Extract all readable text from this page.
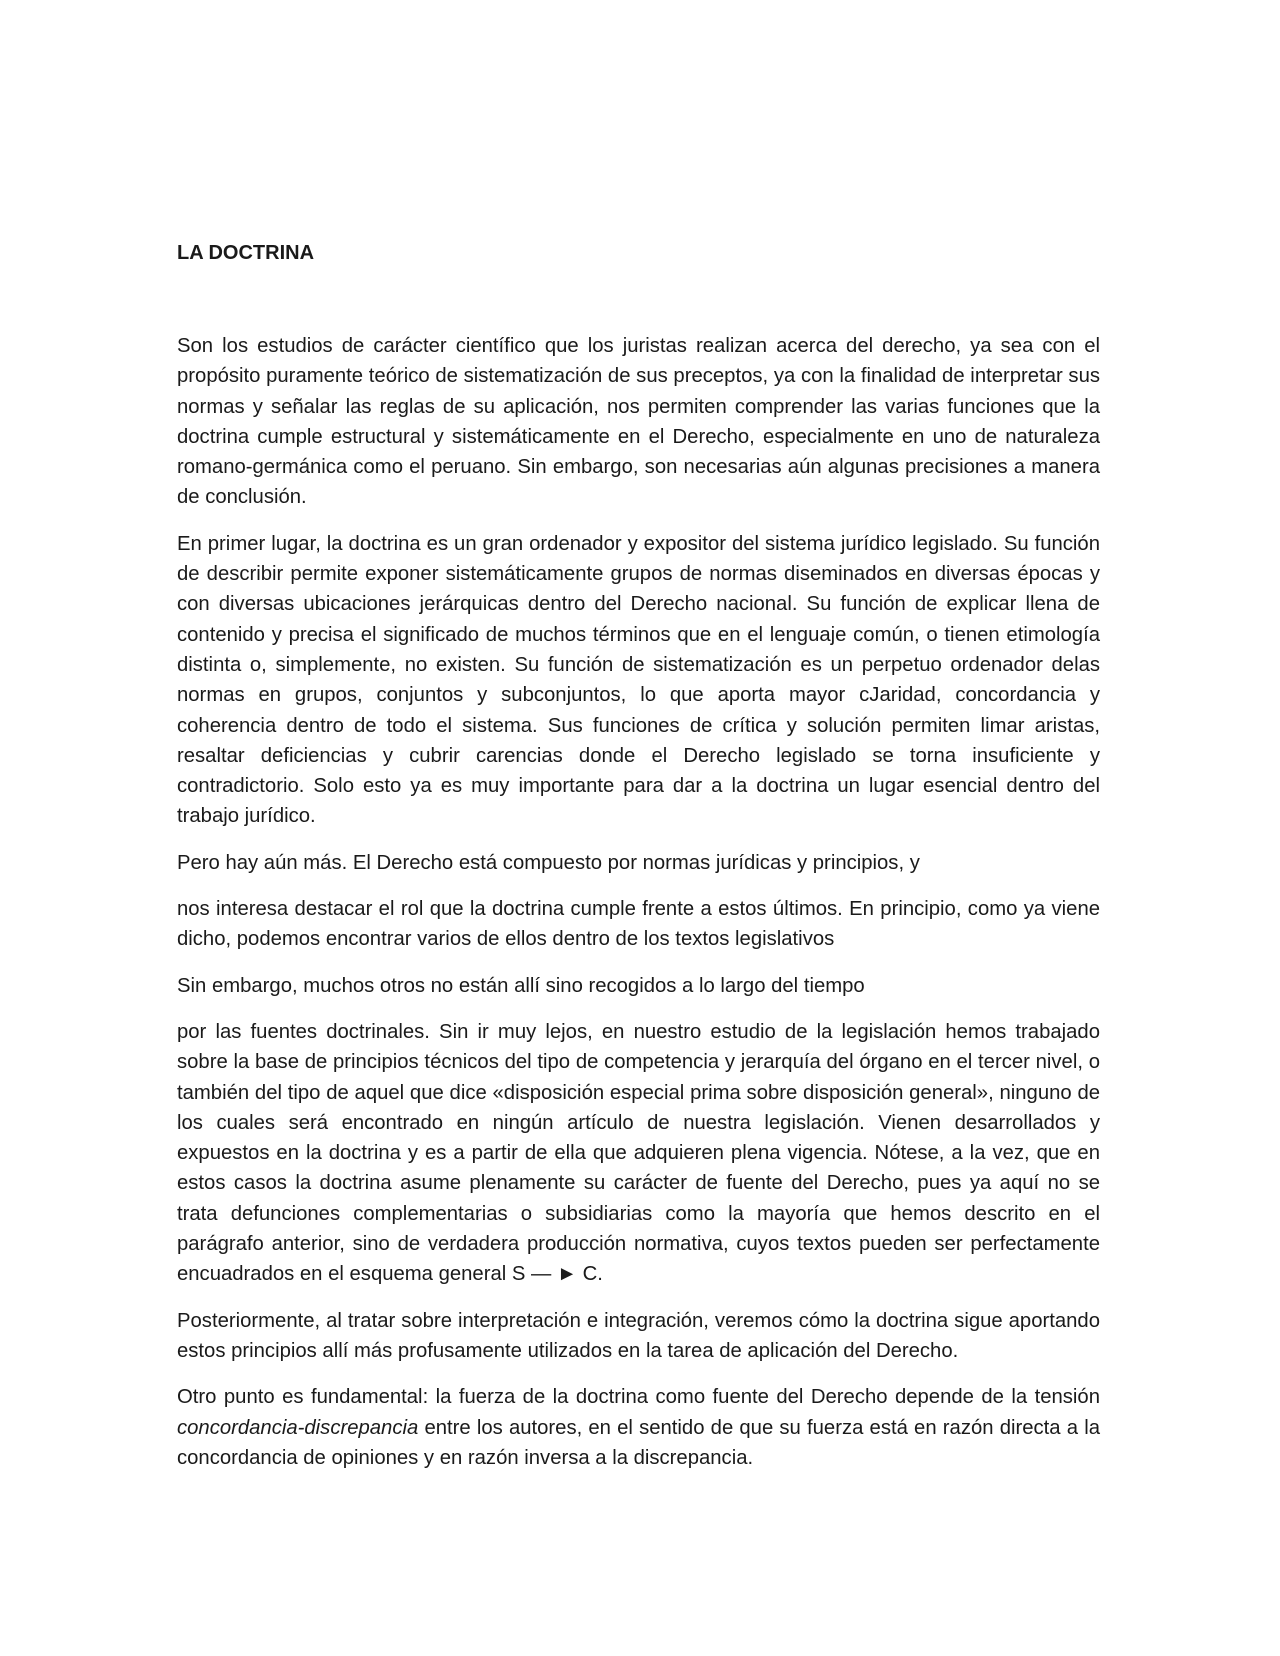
LA DOCTRINA

Son los estudios de carácter científico que los juristas realizan acerca del derecho, ya sea con el propósito puramente teórico de sistematización de sus preceptos, ya con la finalidad de interpretar sus normas y señalar las reglas de su aplicación, nos permiten comprender las varias funciones que la doctrina cumple estructural y sistemáticamente en el Derecho, especialmente en uno de naturaleza romano-germánica como el peruano. Sin embargo, son necesarias aún algunas precisiones a manera de conclusión.

En primer lugar, la doctrina es un gran ordenador y expositor del sistema jurídico legislado. Su función de describir permite exponer sistemáticamente grupos de normas diseminados en diversas épocas y con diversas ubicaciones jerárquicas dentro del Derecho nacional. Su función de explicar llena de contenido y precisa el significado de muchos términos que en el lenguaje común, o tienen etimología distinta o, simplemente, no existen. Su función de sistematización es un perpetuo ordenador delas normas en grupos, conjuntos y subconjuntos, lo que aporta mayor cJaridad, concordancia y coherencia dentro de todo el sistema. Sus funciones de crítica y solución permiten limar aristas, resaltar deficiencias y cubrir carencias donde el Derecho legislado se torna insuficiente y contradictorio. Solo esto ya es muy importante para dar a la doctrina un lugar esencial dentro del trabajo jurídico.

Pero hay aún más. El Derecho está compuesto por normas jurídicas y principios, y

nos interesa destacar el rol que la doctrina cumple frente a estos últimos. En principio, como ya viene dicho, podemos encontrar varios de ellos dentro de los textos legislativos

Sin embargo, muchos otros no están allí sino recogidos a lo largo del tiempo

por las fuentes doctrinales. Sin ir muy lejos, en nuestro estudio de la legislación hemos trabajado sobre la base de principios técnicos del tipo de competencia y jerarquía del órgano en el tercer nivel, o también del tipo de aquel que dice «disposición especial prima sobre disposición general», ninguno de los cuales será encontrado en ningún artículo de nuestra legislación. Vienen desarrollados y expuestos en la doctrina y es a partir de ella que adquieren plena vigencia. Nótese, a la vez, que en estos casos la doctrina asume plenamente su carácter de fuente del Derecho, pues ya aquí no se trata defunciones complementarias o subsidiarias como la mayoría que hemos descrito en el parágrafo anterior, sino de verdadera producción normativa, cuyos textos pueden ser perfectamente encuadrados en el esquema general S — ► C.

Posteriormente, al tratar sobre interpretación e integración, veremos cómo la doctrina sigue aportando estos principios allí más profusamente utilizados en la tarea de aplicación del Derecho.

Otro punto es fundamental: la fuerza de la doctrina como fuente del Derecho depende de la tensión concordancia-discrepancia entre los autores, en el sentido de que su fuerza está en razón directa a la concordancia de opiniones y en razón inversa a la discrepancia.
